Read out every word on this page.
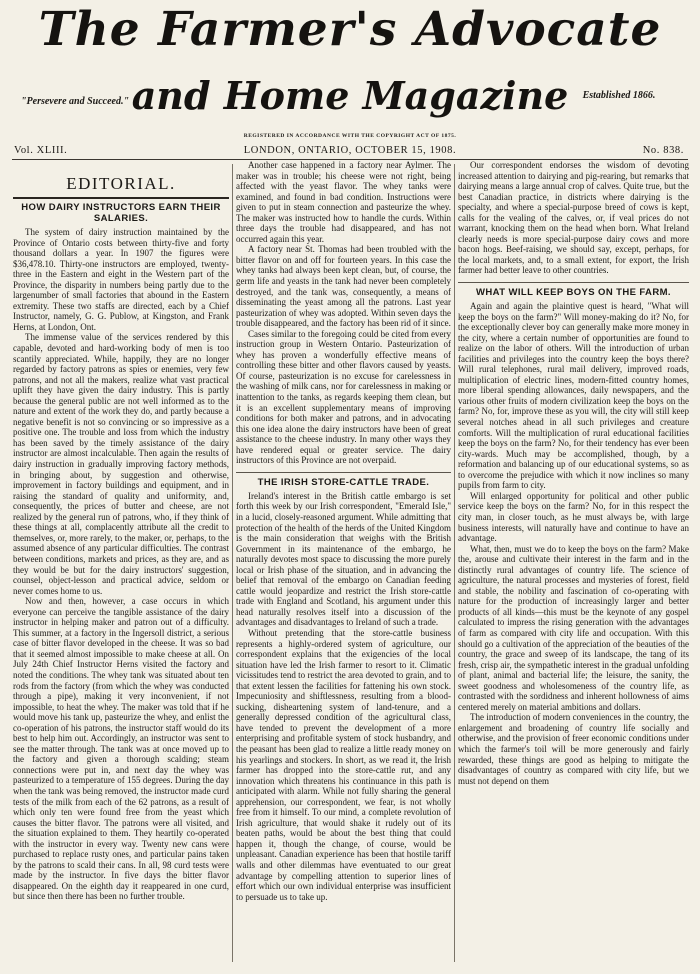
The Farmer's Advocate
and Home Magazine
"Persevere and Succeed."
Established 1866.
REGISTERED IN ACCORDANCE WITH THE COPYRIGHT ACT OF 1875.
Vol. XLIII.	LONDON, ONTARIO, OCTOBER 15, 1908.	No. 838.
EDITORIAL.
HOW DAIRY INSTRUCTORS EARN THEIR SALARIES.

The system of dairy instruction maintained by the Province of Ontario costs between thirty-five and forty thousand dollars a year. In 1907 the figures were $36,478.10. Thirty-one instructors are employed, twenty-three in the Eastern and eight in the Western part of the Province, the disparity in numbers being partly due to the largenumber of small factories that abound in the Eastern extremity. These two staffs are directed, each by a Chief Instructor, namely, G. G. Publow, at Kingston, and Frank Herns, at London, Ont.

The immense value of the services rendered by this capable, devoted and hard-working body of men is too scantily appreciated. While, happily, they are no longer regarded by factory patrons as spies or enemies, very few patrons, and not all the makers, realize what vast practical uplift they have given the dairy industry. This is partly because the general public are not well informed as to the nature and extent of the work they do, and partly because a negative benefit is not so convincing or so impressive as a positive one. The trouble and loss from which the industry has been saved by the timely assistance of the dairy instructor are almost incalculable. Then again the results of dairy instruction in gradually improving factory methods, in bringing about, by suggestion and otherwise, improvement in factory buildings and equipment, and in raising the standard of quality and uniformity, and, consequently, the prices of butter and cheese, are not realized by the general run of patrons, who, if they think of these things at all, complacently attribute all the credit to themselves, or, more rarely, to the maker, or, perhaps, to the assumed absence of any particular difficulties. The contrast between conditions, markets and prices, as they are, and as they would be but for the dairy instructors' suggestion, counsel, object-lesson and practical advice, seldom or never comes home to us.

Now and then, however, a case occurs in which everyone can perceive the tangible assistance of the dairy instructor in helping maker and patron out of a difficulty. This summer, at a factory in the Ingersoll district, a serious case of bitter flavor developed in the cheese. It was so bad that it seemed almost impossible to make cheese at all. On July 24th Chief Instructor Herns visited the factory and noted the conditions. The whey tank was situated about ten rods from the factory (from which the whey was conducted through a pipe), making it very inconvenient, if not impossible, to heat the whey. The maker was told that if he would move his tank up, pasteurize the whey, and enlist the co-operation of his patrons, the instructor staff would do its best to help him out. Accordingly, an instructor was sent to see the matter through. The tank was at once moved up to the factory and given a thorough scalding; steam connections were put in, and next day the whey was pasteurized to a temperature of 155 degrees. During the day when the tank was being removed, the instructor made curd tests of the milk from each of the 62 patrons, as a result of which only ten were found free from the yeast which causes the bitter flavor. The patrons were all visited, and the situation explained to them. They heartily co-operated with the instructor in every way. Twenty new cans were purchased to replace rusty ones, and particular pains taken by the patrons to scald their cans. In all, 98 curd tests were made by the instructor. In five days the bitter flavor disappeared. On the eighth day it reappeared in one curd, but since then there has been no further trouble.

Another case happened in a factory near Aylmer. The maker was in trouble; his cheese were not right, being affected with the yeast flavor. The whey tanks were examined, and found in bad condition. Instructions were given to put in steam connection and pasteurize the whey. The maker was instructed how to handle the curds. Within three days the trouble had disappeared, and has not occurred again this year.

A factory near St. Thomas had been troubled with the bitter flavor on and off for fourteen years. In this case the whey tanks had always been kept clean, but, of course, the germ life and yeasts in the tank had never been completely destroyed, and the tank was, consequently, a means of disseminating the yeast among all the patrons. Last year pasteurization of whey was adopted. Within seven days the trouble disappeared, and the factory has been rid of it since.

Cases similar to the foregoing could be cited from every instruction group in Western Ontario. Pasteurization of whey has proven a wonderfully effective means of controlling these bitter and other flavors caused by yeasts. Of course, pasteurization is no excuse for carelessness in the washing of milk cans, nor for carelessness in making or inattention to the tanks, as regards keeping them clean, but it is an excellent supplementary means of improving conditions for both maker and patrons, and in advocating this one idea alone the dairy instructors have been of great assistance to the cheese industry. In many other ways they have rendered equal or greater service. The dairy instructors of this Province are not overpaid.

THE IRISH STORE-CATTLE TRADE.

Ireland's interest in the British cattle embargo is set forth this week by our Irish correspondent, "Emerald Isle," in a lucid, closely-reasoned argument. While admitting that protection of the health of the herds of the United Kingdom is the main consideration that weighs with the British Government in its maintenance of the embargo, he naturally devotes most space to discussing the more purely local or Irish phase of the situation, and in advancing the belief that removal of the embargo on Canadian feeding cattle would jeopardize and restrict the Irish store-cattle trade with England and Scotland, his argument under this head naturally resolves itself into a discussion of the advantages and disadvantages to Ireland of such a trade.

Without pretending that the store-cattle business represents a highly-ordered system of agriculture, our correspondent explains that the exigencies of the local situation have led the Irish farmer to resort to it. Climatic vicissitudes tend to restrict the area devoted to grain, and to that extent lessen the facilities for fattening his own stock. Impecuniosity and shiftlessness, resulting from a blood-sucking, disheartening system of land-tenure, and a generally depressed condition of the agricultural class, have tended to prevent the development of a more enterprising and profitable system of stock husbandry, and the peasant has been glad to realize a little ready money on his yearlings and stockers. In short, as we read it, the Irish farmer has dropped into the store-cattle rut, and any innovation which threatens his continuance in this path is anticipated with alarm. While not fully sharing the general apprehension, our correspondent, we fear, is not wholly free from it himself. To our mind, a complete revolution of Irish agriculture, that would shake it rudely out of its beaten paths, would be about the best thing that could happen it, though the change, of course, would be unpleasant. Canadian experience has been that hostile tariff walls and other dilemmas have eventuated to our great advantage by compelling attention to superior lines of effort which our own individual enterprise was insufficient to persuade us to take up.

Our correspondent endorses the wisdom of devoting increased attention to dairying and pig-rearing, but remarks that dairying means a large annual crop of calves. Quite true, but the best Canadian practice, in districts where dairying is the specialty, and where a special-purpose breed of cows is kept, calls for the vealing of the calves, or, if veal prices do not warrant, knocking them on the head when born. What Ireland clearly needs is more special-purpose dairy cows and more bacon hogs. Beef-raising, we should say, except, perhaps, for the local markets, and, to a small extent, for export, the Irish farmer had better leave to other countries.

WHAT WILL KEEP BOYS ON THE FARM.

Again and again the plaintive quest is heard, "What will keep the boys on the farm?" Will money-making do it? No, for the exceptionally clever boy can generally make more money in the city, where a certain number of opportunities are found to realize on the labor of others. Will the introduction of urban facilities and privileges into the country keep the boys there? Will rural telephones, rural mail delivery, improved roads, multiplication of electric lines, modern-fitted country homes, more liberal spending allowances, daily newspapers, and the various other fruits of modern civilization keep the boys on the farm? No, for, improve these as you will, the city will still keep several notches ahead in all such privileges and creature comforts. Will the multiplication of rural educational facilities keep the boys on the farm? No, for their tendency has ever been city-wards. Much may be accomplished, though, by a reformation and balancing up of our educational systems, so as to overcome the prejudice with which it now inclines so many pupils from farm to city.

Will enlarged opportunity for political and other public service keep the boys on the farm? No, for in this respect the city man, in closer touch, as he must always be, with large business interests, will naturally have and continue to have an advantage.

What, then, must we do to keep the boys on the farm? Make the, arouse and cultivate their interest in the farm and in the distinctly rural advantages of country life. The science of agriculture, the natural processes and mysteries of forest, field and stable, the nobility and fascination of co-operating with nature for the production of increasingly larger and better products of all kinds—this must be the keynote of any gospel calculated to impress the rising generation with the advantages of farm as compared with city life and occupation. With this should go a cultivation of the appreciation of the beauties of the country, the grace and sweep of its landscape, the tang of its fresh, crisp air, the sympathetic interest in the gradual unfolding of plant, animal and bacterial life; the leisure, the sanity, the sweet goodness and wholesomeness of the country life, as contrasted with the sordidness and inherent hollowness of aims centered merely on material ambitions and dollars.

The introduction of modern conveniences in the country, the enlargement and broadening of country life socially and otherwise, and the provision of freer economic conditions under which the farmer's toil will be more generously and fairly rewarded, these things are good as helping to mitigate the disadvantages of country as compared with city life, but we must not depend on them
